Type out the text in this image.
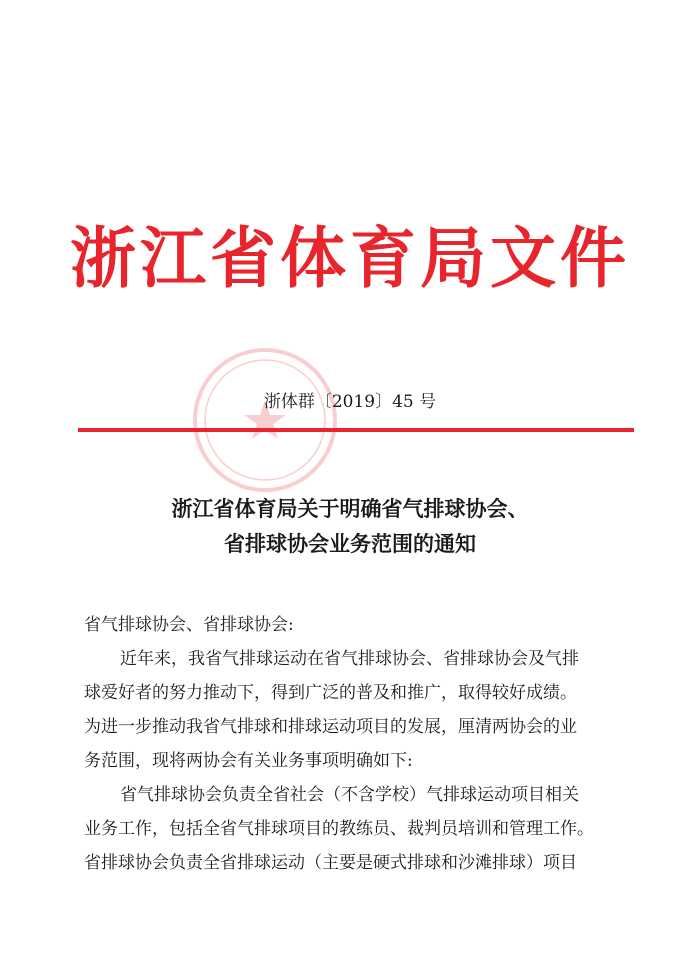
浙江省体育局文件
浙体群〔2019〕45 号
浙江省体育局关于明确省气排球协会、
省排球协会业务范围的通知

省气排球协会、省排球协会:

近年来，我省气排球运动在省气排球协会、省排球协会及气排

球爱好者的努力推动下，得到广泛的普及和推广，取得较好成绩。

为进一步推动我省气排球和排球运动项目的发展，厘清两协会的业

务范围，现将两协会有关业务事项明确如下:

省气排球协会负责全省社会（不含学校）气排球运动项目相关

业务工作，包括全省气排球项目的教练员、裁判员培训和管理工作。

省排球协会负责全省排球运动（主要是硬式排球和沙滩排球）项目
